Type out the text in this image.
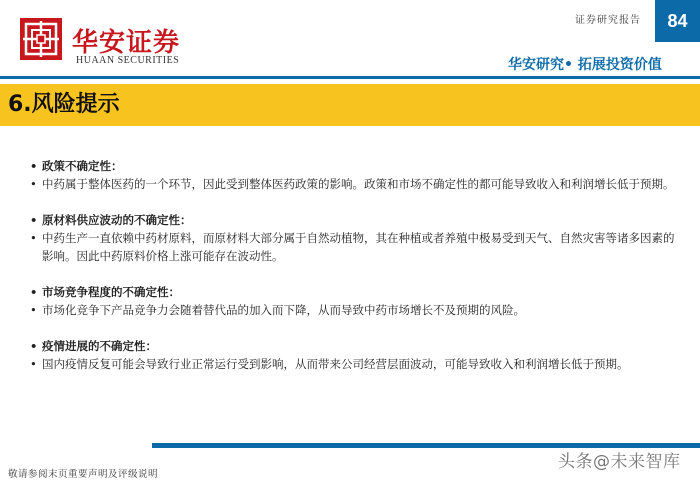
华安证券
HUAAN SECURITIES
证券研究报告	84
华安研究• 拓展投资价值
6.风险提示
• 政策不确定性：
• 中药属于整体医药的一个环节，因此受到整体医药政策的影响。政策和市场不确定性的都可能导致收入和利润增长低于预期。
• 原材料供应波动的不确定性：
• 中药生产一直依赖中药材原料，而原材料大部分属于自然动植物，其在种植或者养殖中极易受到天气、自然灾害等诸多因素的影响。因此中药原料价格上涨可能存在波动性。
• 市场竞争程度的不确定性：
• 市场化竞争下产品竞争力会随着替代品的加入而下降，从而导致中药市场增长不及预期的风险。
• 疫情进展的不确定性：
• 国内疫情反复可能会导致行业正常运行受到影响，从而带来公司经营层面波动，可能导致收入和利润增长低于预期。
头条@未来智库
敬请参阅末页重要声明及评级说明
